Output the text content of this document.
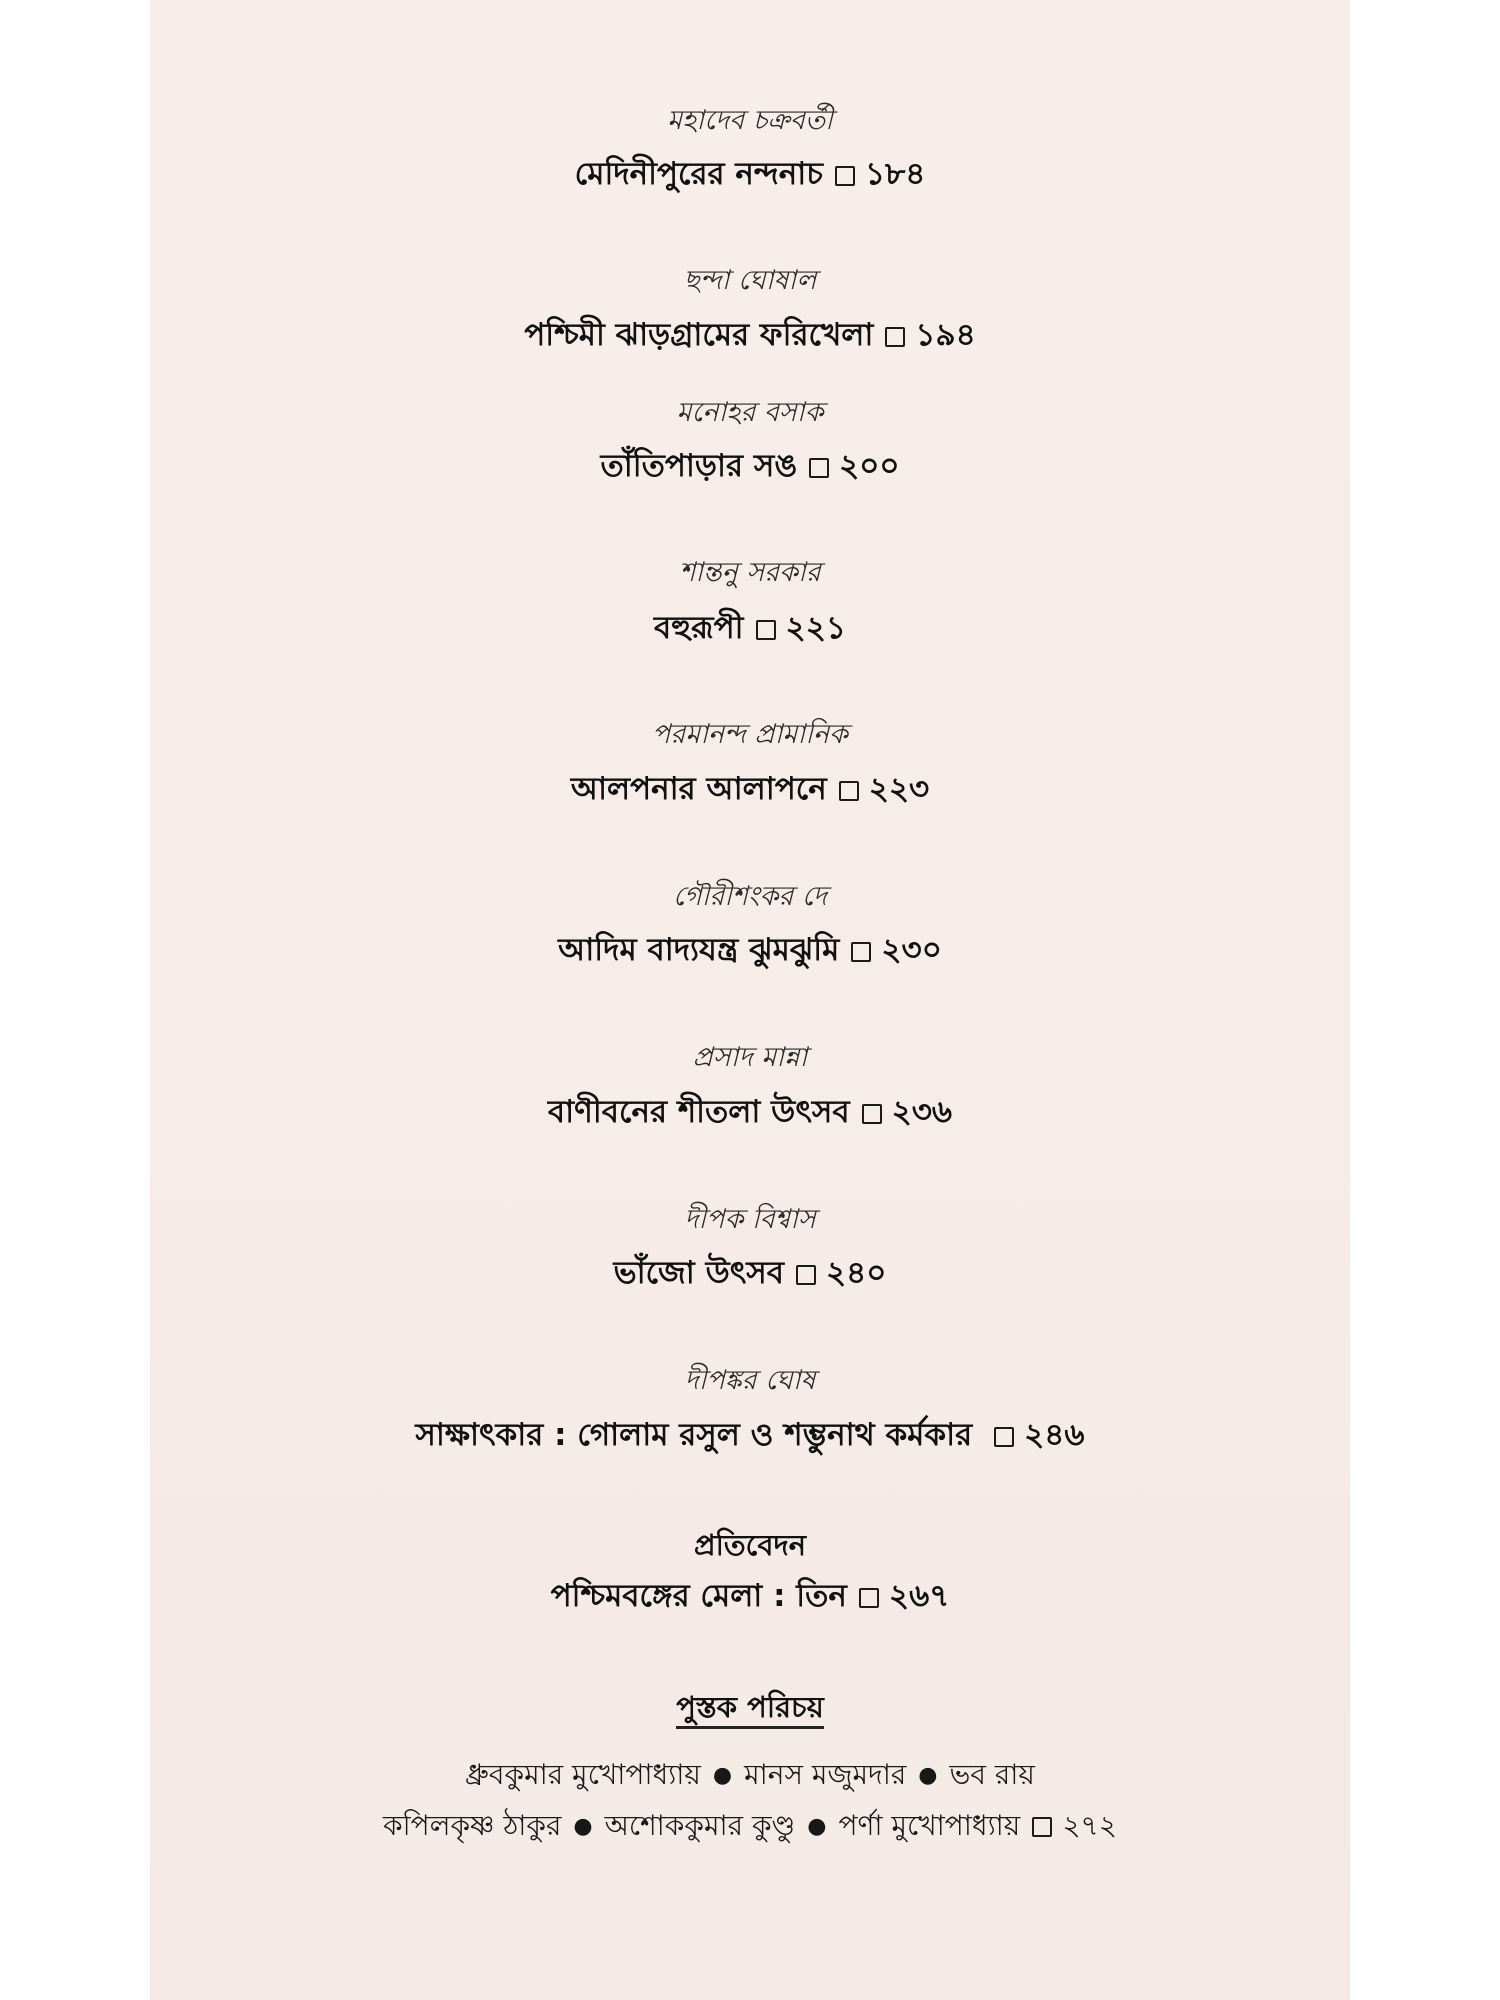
মহাদেব চক্রবর্তী
মেদিনীপুরের নন্দনাচ ১৮৪
ছন্দা ঘোষাল
পশ্চিমী ঝাড়গ্রামের ফরিখেলা ১৯৪
মনোহর বসাক
তাঁতিপাড়ার সঙ ২০০
শান্তনু সরকার
বহুরূপী ২২১
পরমানন্দ প্রামানিক
আলপনার আলাপনে ২২৩
গৌরীশংকর দে
আদিম বাদ্যযন্ত্র ঝুমঝুমি ২৩০
প্রসাদ মান্না
বাণীবনের শীতলা উৎসব ২৩৬
দীপক বিশ্বাস
ভাঁজো উৎসব ২৪০
দীপঙ্কর ঘোষ
সাক্ষাৎকার : গোলাম রসুল ও শম্ভুনাথ কর্মকার ২৪৬
প্রতিবেদন
পশ্চিমবঙ্গের মেলা : তিন ২৬৭
পুস্তক পরিচয়
ধ্রুবকুমার মুখোপাধ্যায় ● মানস মজুমদার ● ভব রায়
কপিলকৃষ্ণ ঠাকুর ● অশোককুমার কুণ্ডু ● পর্ণা মুখোপাধ্যায় ২৭২
